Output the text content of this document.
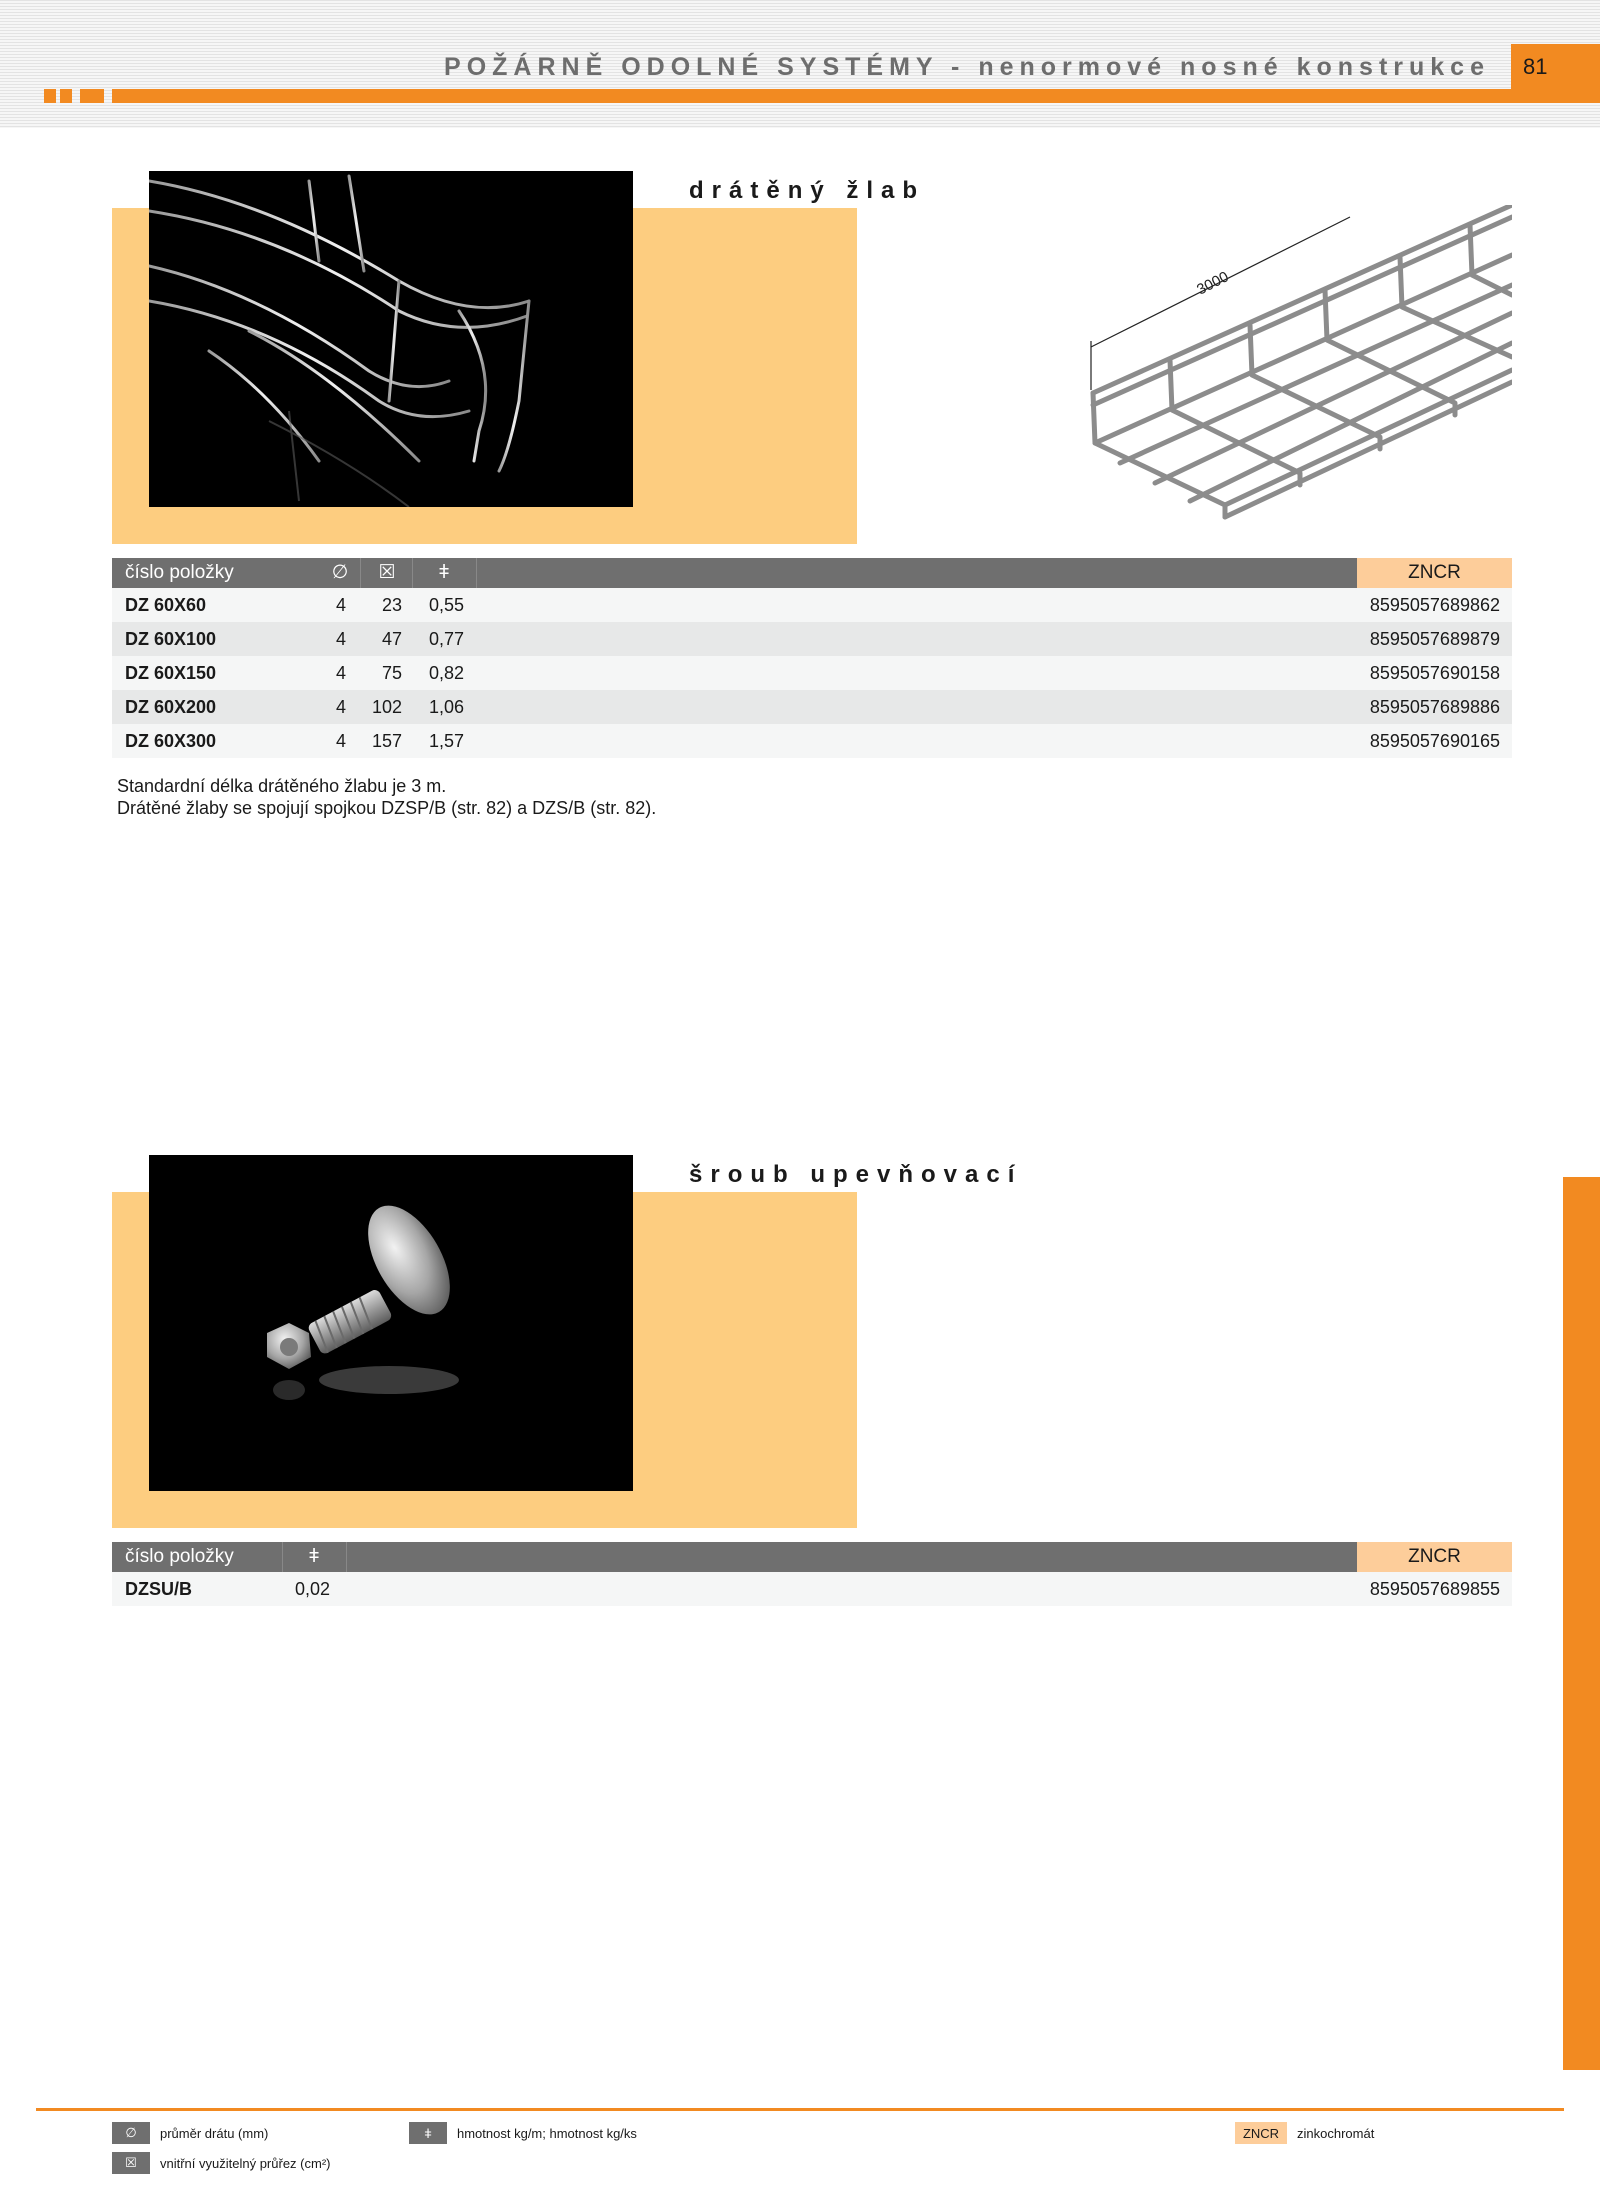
POŽÁRNĚ ODOLNÉ SYSTÉMY - nenormové nosné konstrukce 81
drátěný žlab
3000
číslo položky	∅	☒	ǂ	ZNCR
DZ 60X60	4	23 0,55	8595057689862
DZ 60X100	4	47 0,77	8595057689879
DZ 60X150	4	75 0,82	8595057690158
DZ 60X200	4	102 1,06	8595057689886
DZ 60X300	4	157 1,57	8595057690165
Standardní délka drátěného žlabu je 3 m.
Drátěné žlaby se spojují spojkou DZSP/B (str. 82) a DZS/B (str. 82).
šroub upevňovací
číslo položky	ǂ	ZNCR
DZSU/B	0,02	8595057689855
∅	průměr drátu (mm)
☒	vnitřní využitelný průřez (cm²)
ǂ	hmotnost kg/m; hmotnost kg/ks	ZNCR	zinkochromát
